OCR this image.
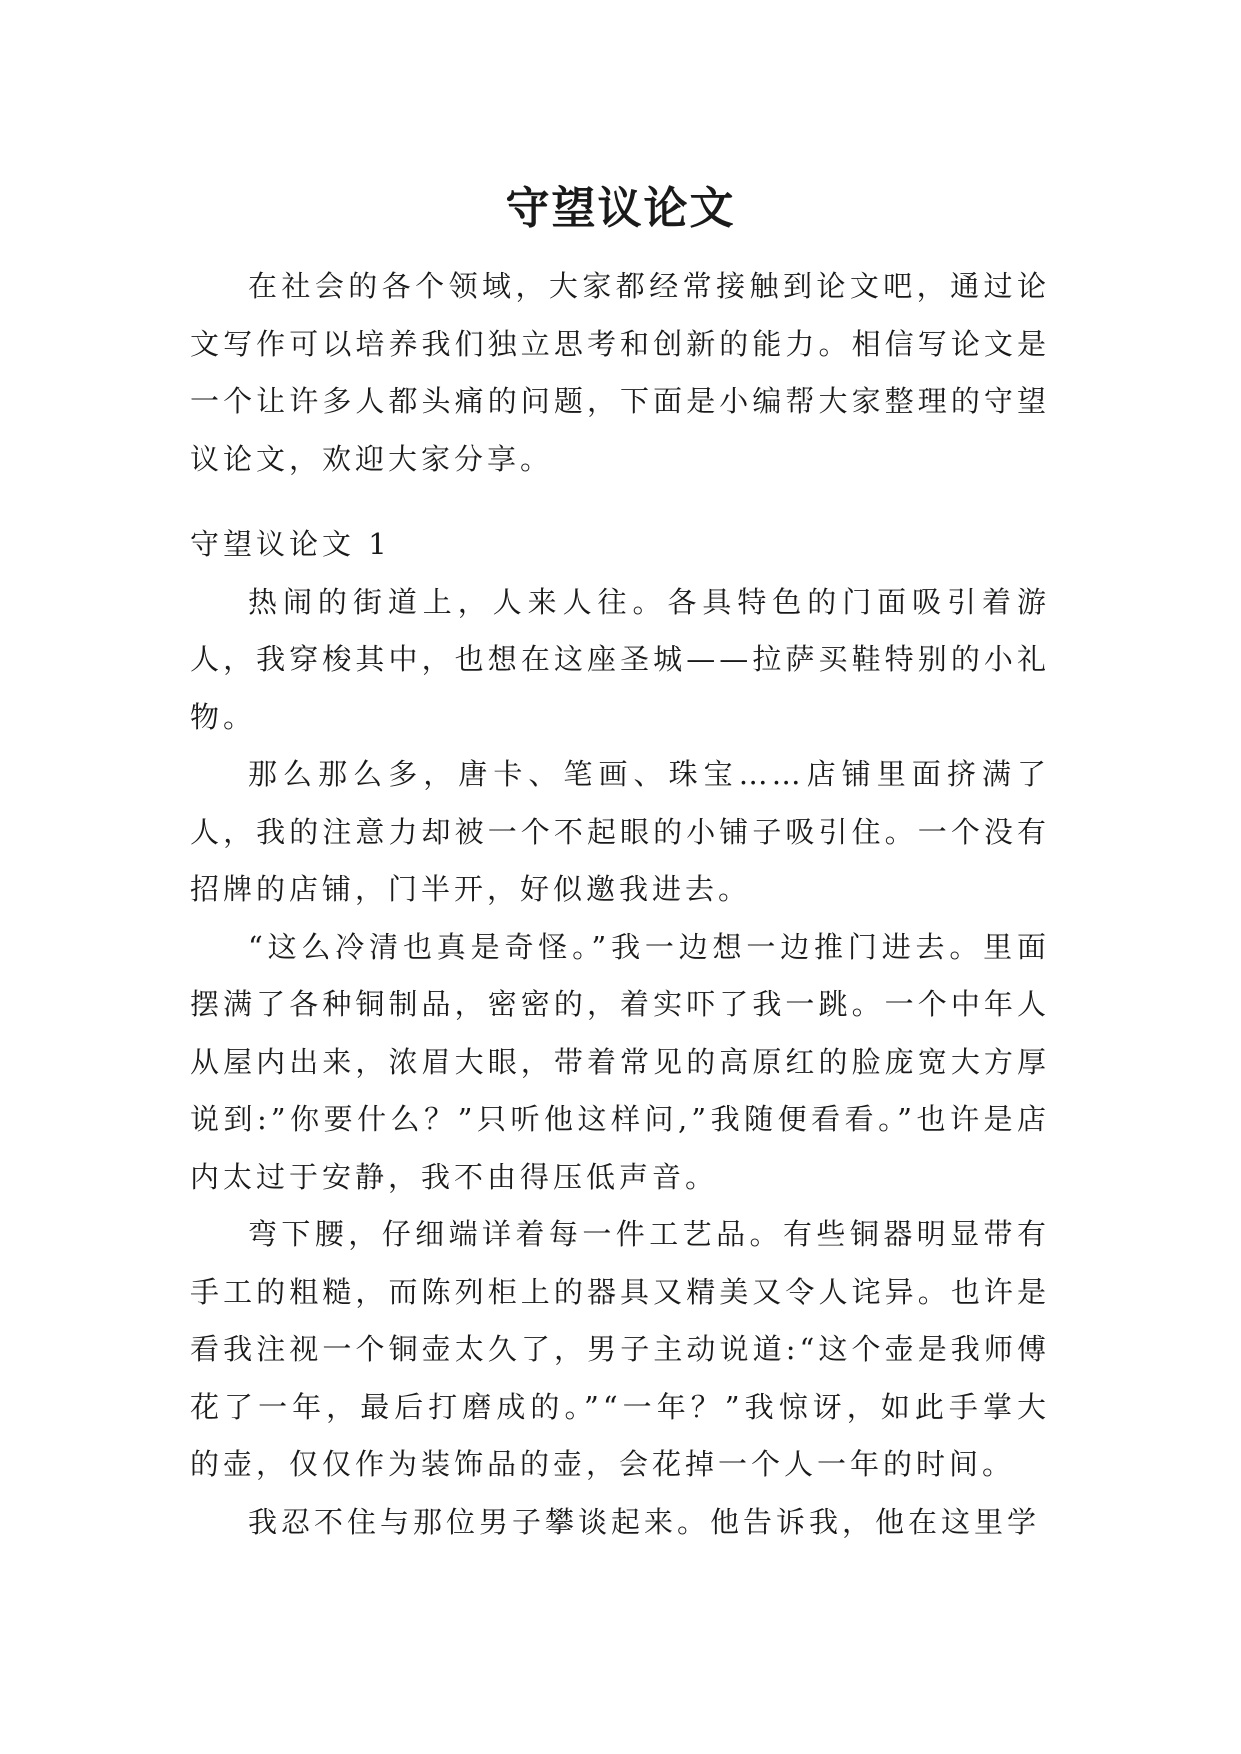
守望议论文

在社会的各个领域，大家都经常接触到论文吧，通过论文写作可以培养我们独立思考和创新的能力。相信写论文是一个让许多人都头痛的问题，下面是小编帮大家整理的守望议论文，欢迎大家分享。

守望议论文 1

热闹的街道上，人来人往。各具特色的门面吸引着游人，我穿梭其中，也想在这座圣城——拉萨买鞋特别的小礼物。

那么那么多，唐卡、笔画、珠宝……店铺里面挤满了人，我的注意力却被一个不起眼的小铺子吸引住。一个没有招牌的店铺，门半开，好似邀我进去。

“这么冷清也真是奇怪。”我一边想一边推门进去。里面摆满了各种铜制品，密密的，着实吓了我一跳。一个中年人从屋内出来，浓眉大眼，带着常见的高原红的脸庞宽大方厚说到:”你要什么？”只听他这样问,”我随便看看。”也许是店内太过于安静，我不由得压低声音。

弯下腰，仔细端详着每一件工艺品。有些铜器明显带有手工的粗糙，而陈列柜上的器具又精美又令人诧异。也许是看我注视一个铜壶太久了，男子主动说道:“这个壶是我师傅花了一年，最后打磨成的。”“一年？”我惊讶，如此手掌大的壶，仅仅作为装饰品的壶，会花掉一个人一年的时间。

我忍不住与那位男子攀谈起来。他告诉我，他在这里学
